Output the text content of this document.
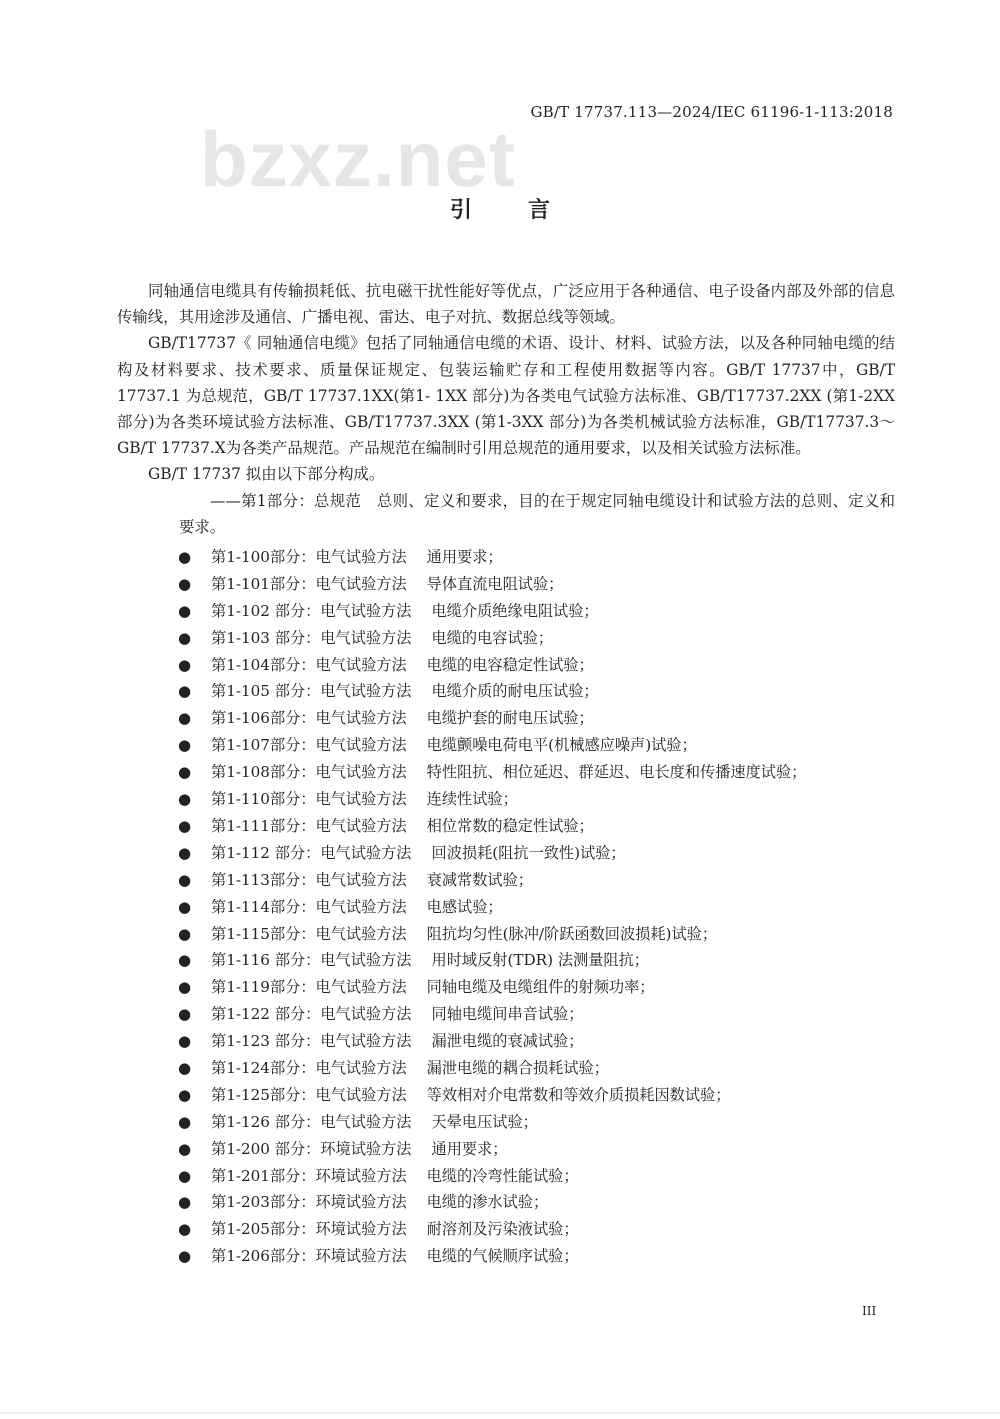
GB/T 17737.113—2024/IEC 61196-1-113:2018
bzxz.net
引言

同轴通信电缆具有传输损耗低、抗电磁干扰性能好等优点，广泛应用于各种通信、电子设备内部及外部的信息传输线，其用途涉及通信、广播电视、雷达、电子对抗、数据总线等领域。

GB/T17737《 同轴通信电缆》包括了同轴通信电缆的术语、设计、材料、试验方法，以及各种同轴电缆的结构及材料要求、技术要求、质量保证规定、包装运输贮存和工程使用数据等内容。GB/T 17737中，GB/T 17737.1 为总规范，GB/T 17737.1XX(第1- 1XX 部分)为各类电气试验方法标准、GB/T17737.2XX (第1-2XX 部分)为各类环境试验方法标准、GB/T17737.3XX (第1-3XX 部分)为各类机械试验方法标准，GB/T17737.3～GB/T 17737.X为各类产品规范。产品规范在编制时引用总规范的通用要求，以及相关试验方法标准。

GB/T 17737 拟由以下部分构成。

——第1部分：总规范　总则、定义和要求，目的在于规定同轴电缆设计和试验方法的总则、定义和要求。

● 第1-100部分：电气试验方法 通用要求；
● 第1-101部分：电气试验方法 导体直流电阻试验；
● 第1-102 部分：电气试验方法 电缆介质绝缘电阻试验；
● 第1-103 部分：电气试验方法 电缆的电容试验；
● 第1-104部分：电气试验方法 电缆的电容稳定性试验；
● 第1-105 部分：电气试验方法 电缆介质的耐电压试验；
● 第1-106部分：电气试验方法 电缆护套的耐电压试验；
● 第1-107部分：电气试验方法 电缆颤噪电荷电平(机械感应噪声)试验；
● 第1-108部分：电气试验方法 特性阻抗、相位延迟、群延迟、电长度和传播速度试验；
● 第1-110部分：电气试验方法 连续性试验；
● 第1-111部分：电气试验方法 相位常数的稳定性试验；
● 第1-112 部分：电气试验方法 回波损耗(阻抗一致性)试验；
● 第1-113部分：电气试验方法 衰减常数试验；
● 第1-114部分：电气试验方法 电感试验；
● 第1-115部分：电气试验方法 阻抗均匀性(脉冲/阶跃函数回波损耗)试验；
● 第1-116 部分：电气试验方法 用时域反射(TDR) 法测量阻抗；
● 第1-119部分：电气试验方法 同轴电缆及电缆组件的射频功率；
● 第1-122 部分：电气试验方法 同轴电缆间串音试验；
● 第1-123 部分：电气试验方法 漏泄电缆的衰减试验；
● 第1-124部分：电气试验方法 漏泄电缆的耦合损耗试验；
● 第1-125部分：电气试验方法 等效相对介电常数和等效介质损耗因数试验；
● 第1-126 部分：电气试验方法 天晕电压试验；
● 第1-200 部分：环境试验方法 通用要求；
● 第1-201部分：环境试验方法 电缆的冷弯性能试验；
● 第1-203部分：环境试验方法 电缆的渗水试验；
● 第1-205部分：环境试验方法 耐溶剂及污染液试验；
● 第1-206部分：环境试验方法 电缆的气候顺序试验；
III
